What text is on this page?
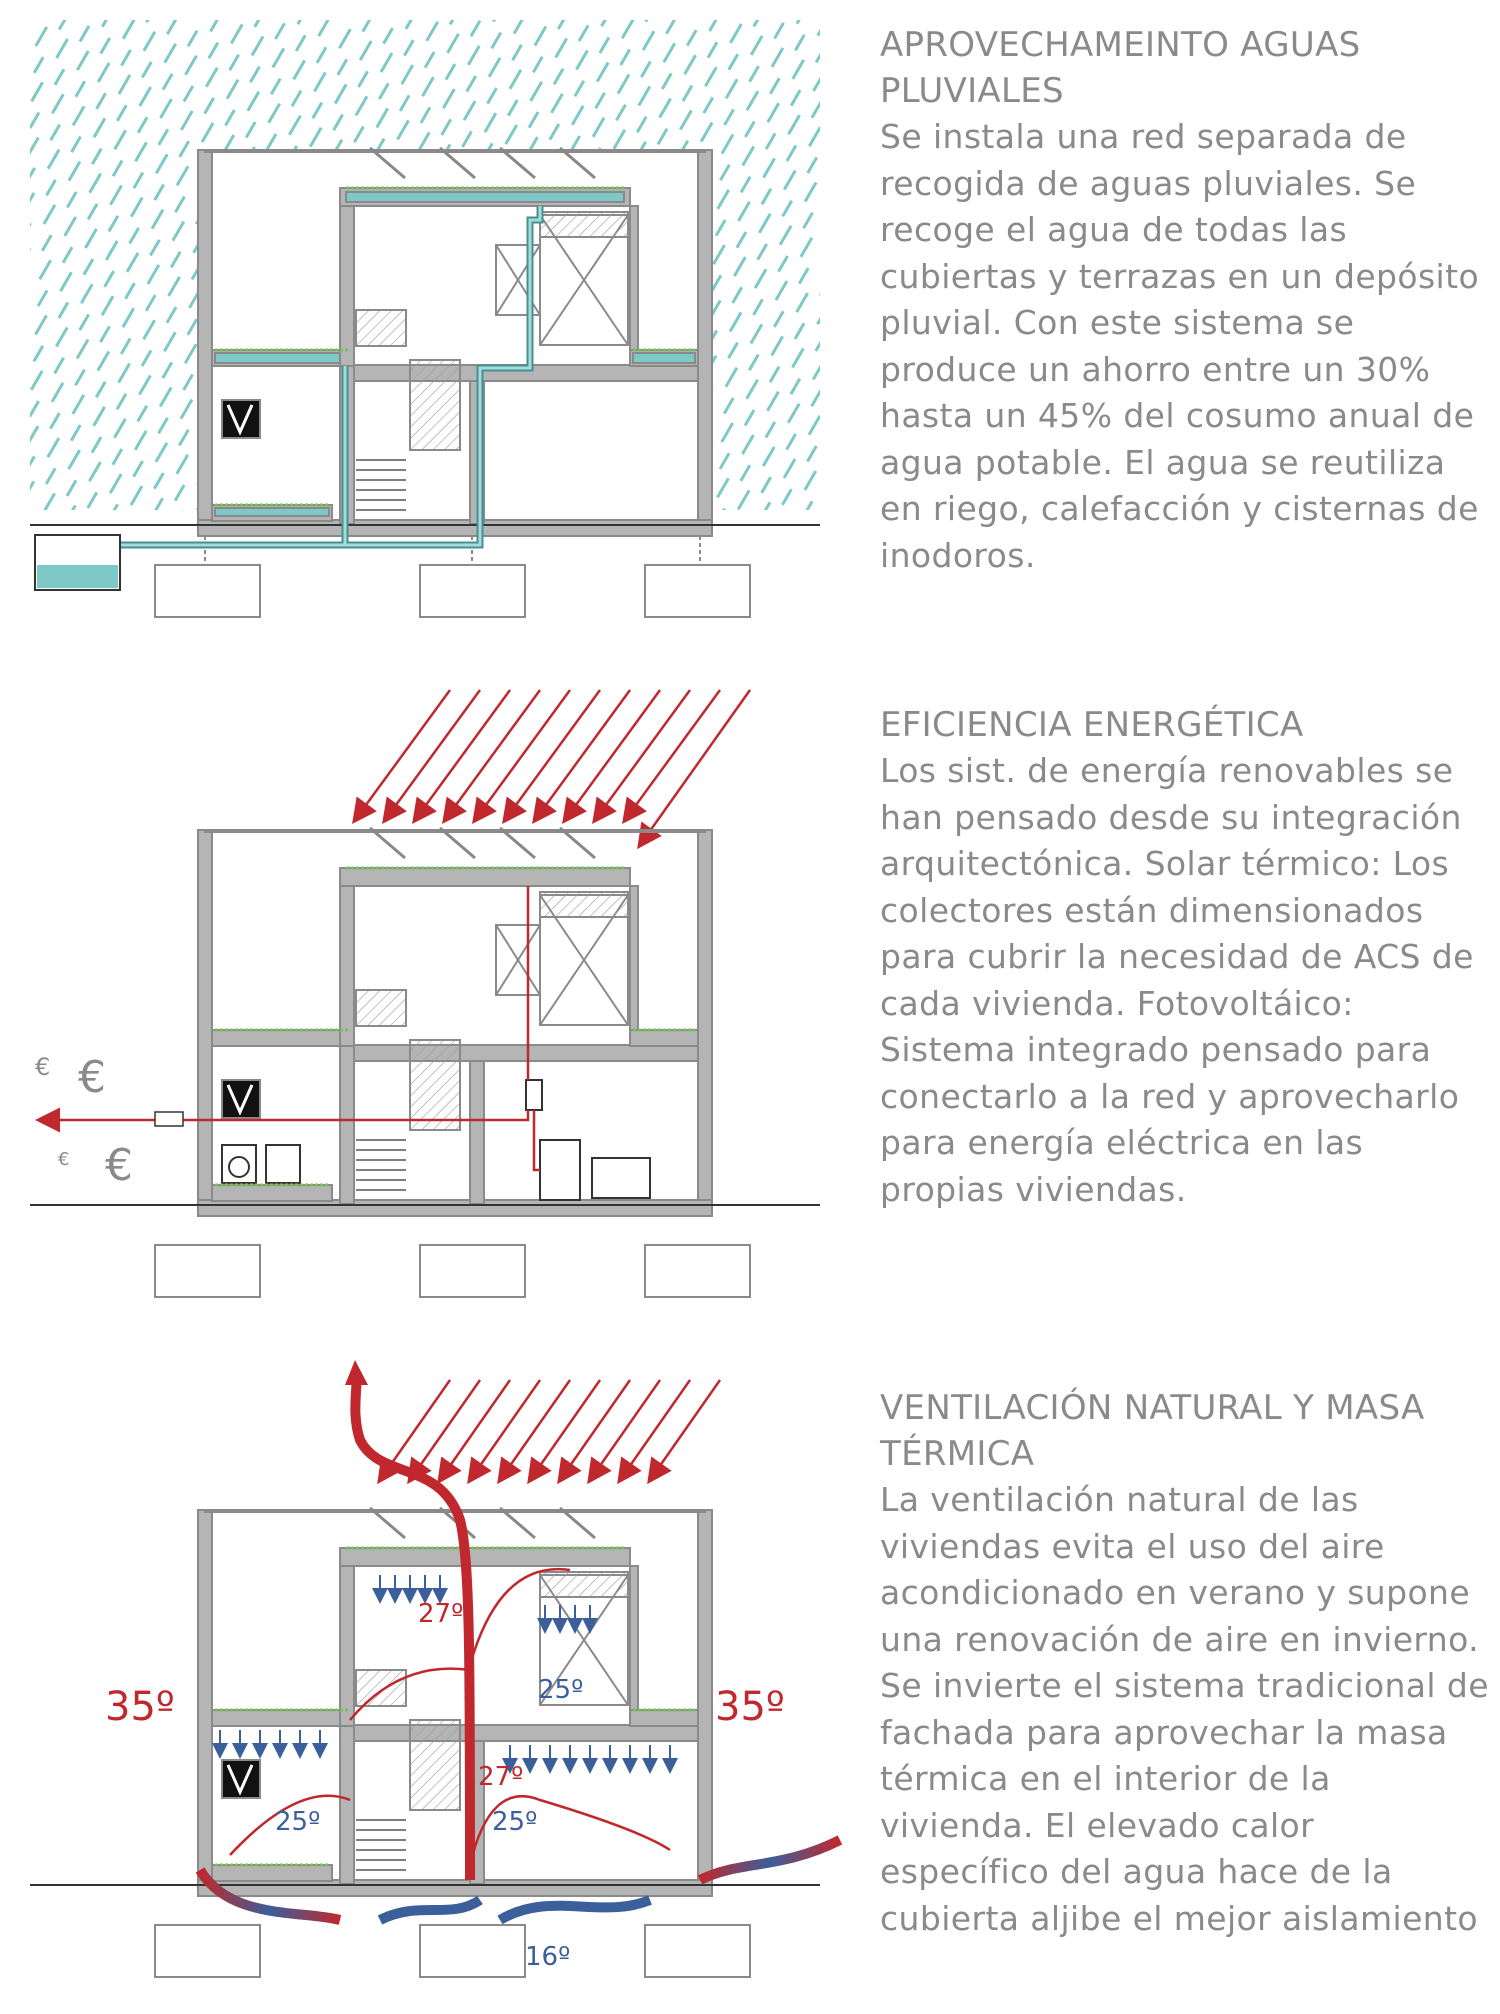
APROVECHAMEINTO AGUAS PLUVIALES
Se instala una red separada de recogida de aguas pluviales. Se recoge el agua de todas las cubiertas y terrazas en un depósito pluvial. Con este sistema se produce un ahorro entre un 30% hasta un 45% del cosumo anual de agua potable. El agua se reutiliza en riego, calefacción y cisternas de inodoros.
€ €
€ €
EFICIENCIA ENERGÉTICA
Los sist. de energía renovables se han pensado desde su integración arquitectónica. Solar térmico: Los colectores están dimensionados para cubrir la necesidad de ACS de cada vivienda. Fotovoltáico: Sistema integrado pensado para conectarlo a la red y aprovecharlo para energía eléctrica en las propias viviendas.
35º	35º
27º
25º
27º
25º	25º
16º
VENTILACIÓN NATURAL Y MASA TÉRMICA
La ventilación natural de las viviendas evita el uso del aire acondicionado en verano y supone una renovación de aire en invierno. Se invierte el sistema tradicional de fachada para aprovechar la masa térmica en el interior de la vivienda. El elevado calor específico del agua hace de la cubierta aljibe el mejor aislamiento
